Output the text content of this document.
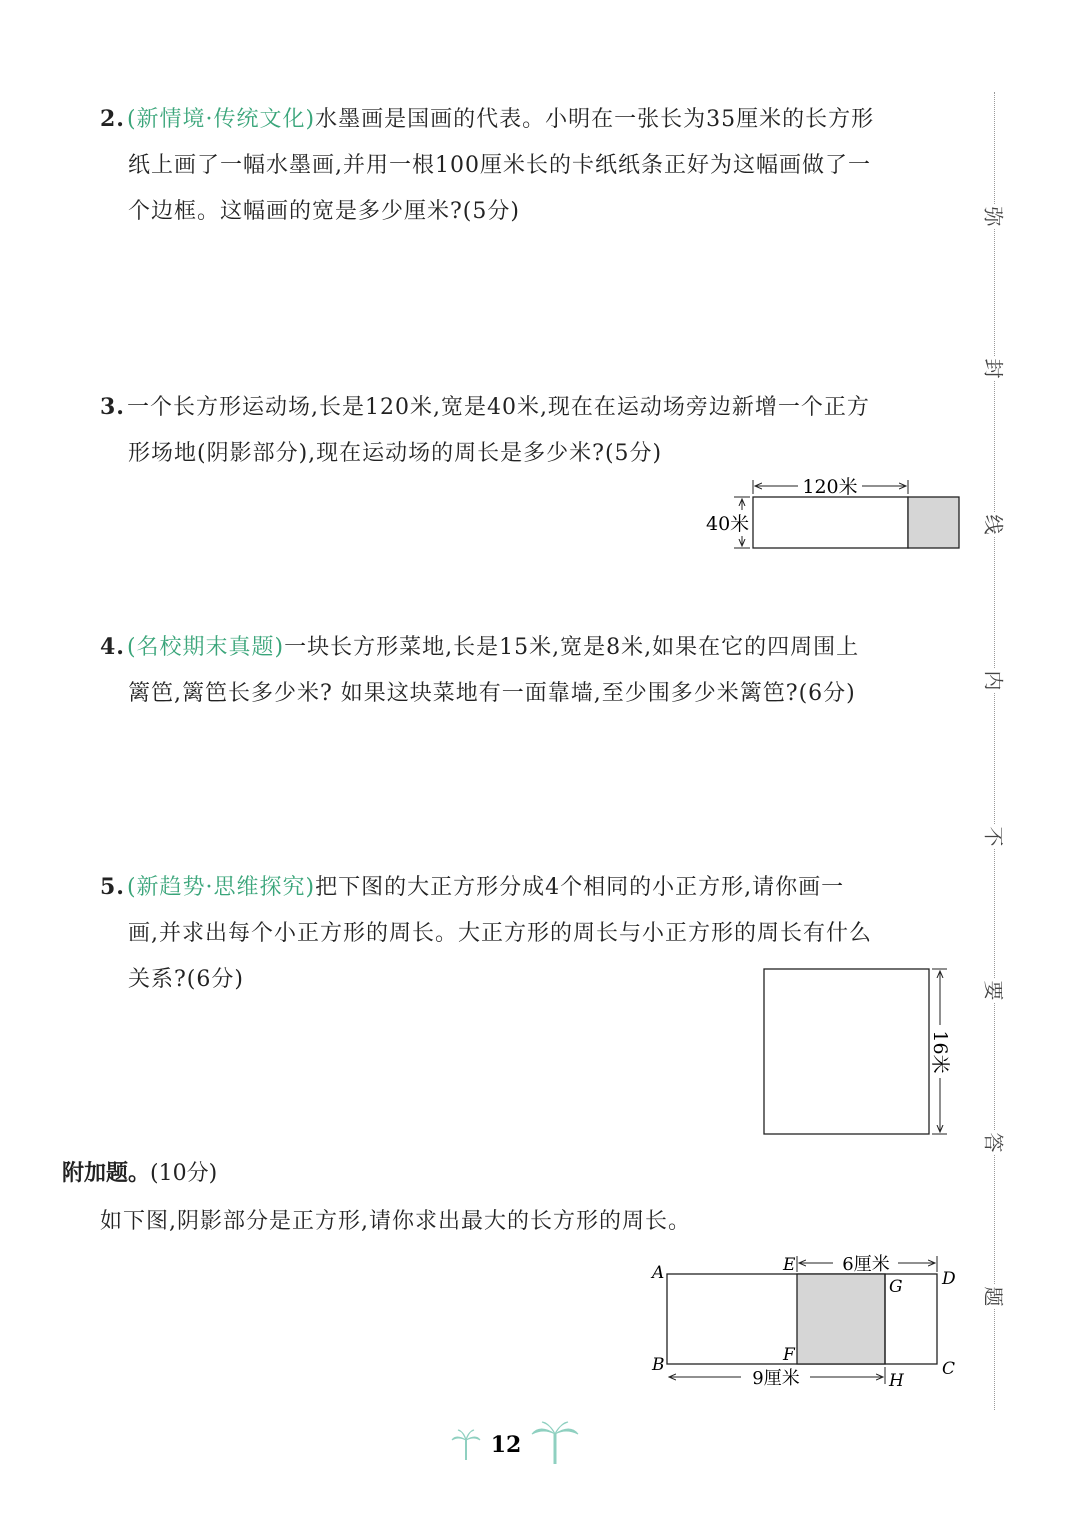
弥
封
线
内
不
要
答
题
2.(新情境·传统文化)水墨画是国画的代表。小明在一张长为35厘米的长方形
纸上画了一幅水墨画,并用一根100厘米长的卡纸纸条正好为这幅画做了一
个边框。这幅画的宽是多少厘米?(5分)
3.一个长方形运动场,长是120米,宽是40米,现在在运动场旁边新增一个正方
形场地(阴影部分),现在运动场的周长是多少米?(5分)
120米
40米
4.(名校期末真题)一块长方形菜地,长是15米,宽是8米,如果在它的四周围上
篱笆,篱笆长多少米? 如果这块菜地有一面靠墙,至少围多少米篱笆?(6分)
5.(新趋势·思维探究)把下图的大正方形分成4个相同的小正方形,请你画一
画,并求出每个小正方形的周长。大正方形的周长与小正方形的周长有什么
关系?(6分)
16米
附加题。(10分)
如下图,阴影部分是正方形,请你求出最大的长方形的周长。
6厘米
9厘米
A
B	C
D
E
F
G
H
12
